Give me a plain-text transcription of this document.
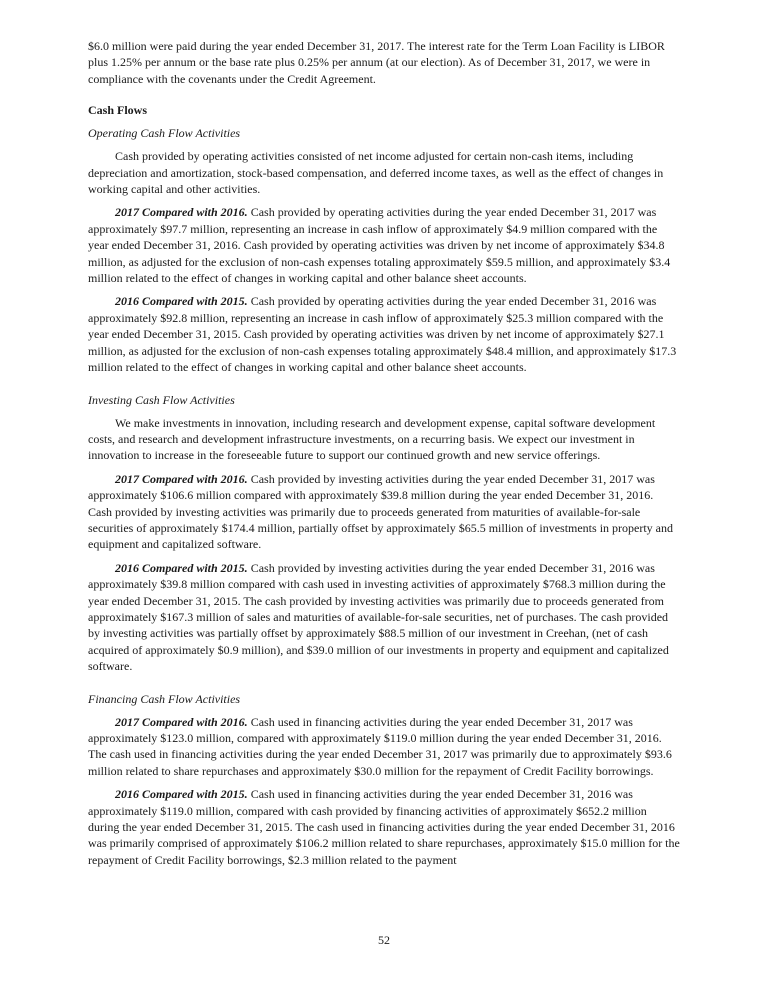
$6.0 million were paid during the year ended December 31, 2017. The interest rate for the Term Loan Facility is LIBOR plus 1.25% per annum or the base rate plus 0.25% per annum (at our election). As of December 31, 2017, we were in compliance with the covenants under the Credit Agreement.

Cash Flows
Operating Cash Flow Activities

Cash provided by operating activities consisted of net income adjusted for certain non-cash items, including depreciation and amortization, stock-based compensation, and deferred income taxes, as well as the effect of changes in working capital and other activities.

2017 Compared with 2016. Cash provided by operating activities during the year ended December 31, 2017 was approximately $97.7 million, representing an increase in cash inflow of approximately $4.9 million compared with the year ended December 31, 2016. Cash provided by operating activities was driven by net income of approximately $34.8 million, as adjusted for the exclusion of non-cash expenses totaling approximately $59.5 million, and approximately $3.4 million related to the effect of changes in working capital and other balance sheet accounts.

2016 Compared with 2015. Cash provided by operating activities during the year ended December 31, 2016 was approximately $92.8 million, representing an increase in cash inflow of approximately $25.3 million compared with the year ended December 31, 2015. Cash provided by operating activities was driven by net income of approximately $27.1 million, as adjusted for the exclusion of non-cash expenses totaling approximately $48.4 million, and approximately $17.3 million related to the effect of changes in working capital and other balance sheet accounts.

Investing Cash Flow Activities

We make investments in innovation, including research and development expense, capital software development costs, and research and development infrastructure investments, on a recurring basis. We expect our investment in innovation to increase in the foreseeable future to support our continued growth and new service offerings.

2017 Compared with 2016. Cash provided by investing activities during the year ended December 31, 2017 was approximately $106.6 million compared with approximately $39.8 million during the year ended December 31, 2016. Cash provided by investing activities was primarily due to proceeds generated from maturities of available-for-sale securities of approximately $174.4 million, partially offset by approximately $65.5 million of investments in property and equipment and capitalized software.

2016 Compared with 2015. Cash provided by investing activities during the year ended December 31, 2016 was approximately $39.8 million compared with cash used in investing activities of approximately $768.3 million during the year ended December 31, 2015. The cash provided by investing activities was primarily due to proceeds generated from approximately $167.3 million of sales and maturities of available-for-sale securities, net of purchases. The cash provided by investing activities was partially offset by approximately $88.5 million of our investment in Creehan, (net of cash acquired of approximately $0.9 million), and $39.0 million of our investments in property and equipment and capitalized software.

Financing Cash Flow Activities

2017 Compared with 2016. Cash used in financing activities during the year ended December 31, 2017 was approximately $123.0 million, compared with approximately $119.0 million during the year ended December 31, 2016. The cash used in financing activities during the year ended December 31, 2017 was primarily due to approximately $93.6 million related to share repurchases and approximately $30.0 million for the repayment of Credit Facility borrowings.

2016 Compared with 2015. Cash used in financing activities during the year ended December 31, 2016 was approximately $119.0 million, compared with cash provided by financing activities of approximately $652.2 million during the year ended December 31, 2015. The cash used in financing activities during the year ended December 31, 2016 was primarily comprised of approximately $106.2 million related to share repurchases, approximately $15.0 million for the repayment of Credit Facility borrowings, $2.3 million related to the payment

52
